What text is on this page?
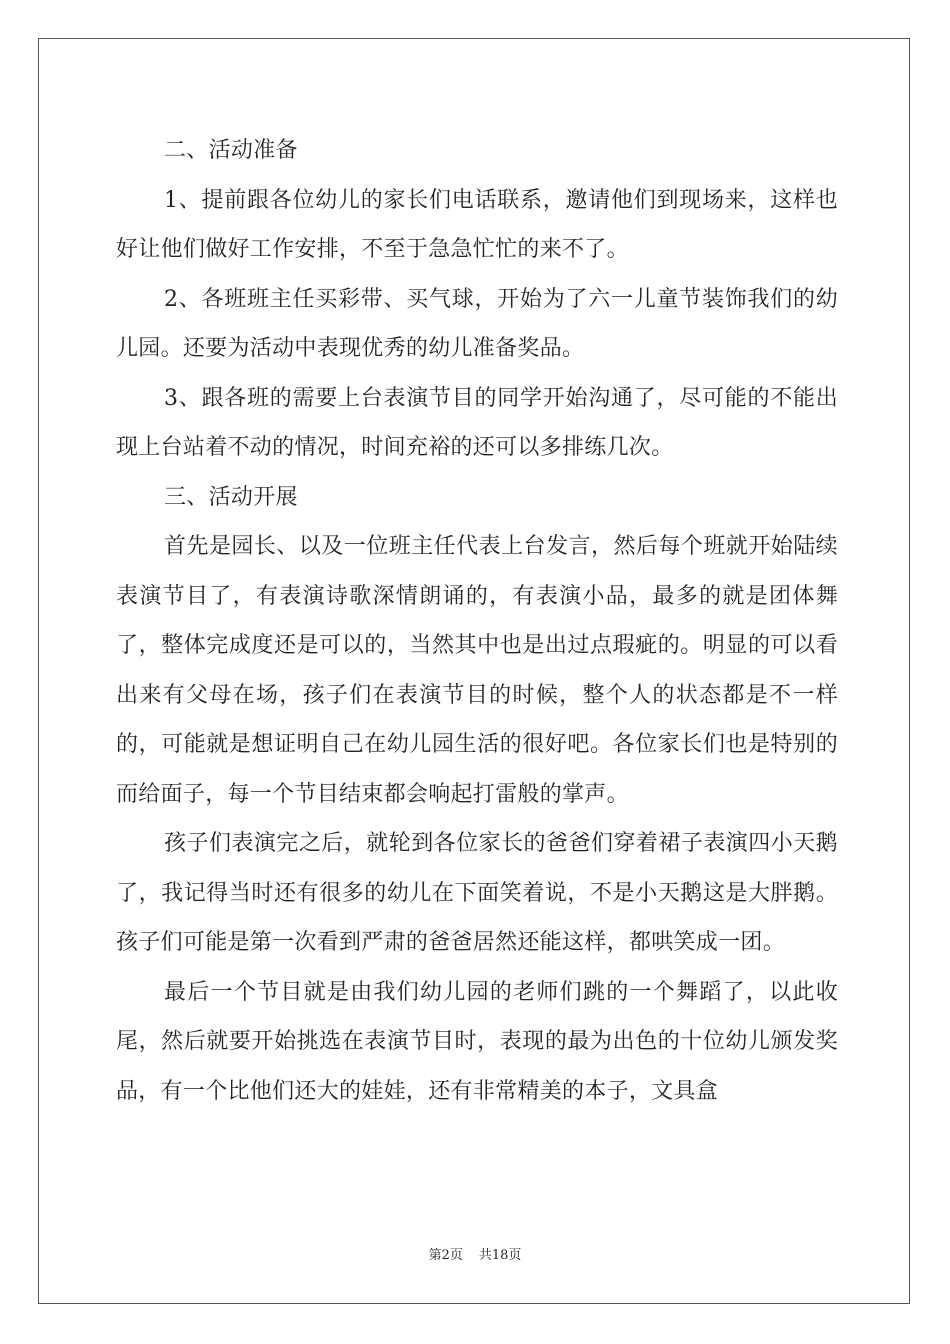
二、活动准备

1、提前跟各位幼儿的家长们电话联系，邀请他们到现场来，这样也好让他们做好工作安排，不至于急急忙忙的来不了。

2、各班班主任买彩带、买气球，开始为了六一儿童节装饰我们的幼儿园。还要为活动中表现优秀的幼儿准备奖品。

3、跟各班的需要上台表演节目的同学开始沟通了，尽可能的不能出现上台站着不动的情况，时间充裕的还可以多排练几次。

三、活动开展

首先是园长、以及一位班主任代表上台发言，然后每个班就开始陆续表演节目了，有表演诗歌深情朗诵的，有表演小品，最多的就是团体舞了，整体完成度还是可以的，当然其中也是出过点瑕疵的。明显的可以看出来有父母在场，孩子们在表演节目的时候，整个人的状态都是不一样的，可能就是想证明自己在幼儿园生活的很好吧。各位家长们也是特别的而给面子，每一个节目结束都会响起打雷般的掌声。

孩子们表演完之后，就轮到各位家长的爸爸们穿着裙子表演四小天鹅了，我记得当时还有很多的幼儿在下面笑着说，不是小天鹅这是大胖鹅。孩子们可能是第一次看到严肃的爸爸居然还能这样，都哄笑成一团。

最后一个节目就是由我们幼儿园的老师们跳的一个舞蹈了，以此收尾，然后就要开始挑选在表演节目时，表现的最为出色的十位幼儿颁发奖品，有一个比他们还大的娃娃，还有非常精美的本子，文具盒

第2页 共18页
